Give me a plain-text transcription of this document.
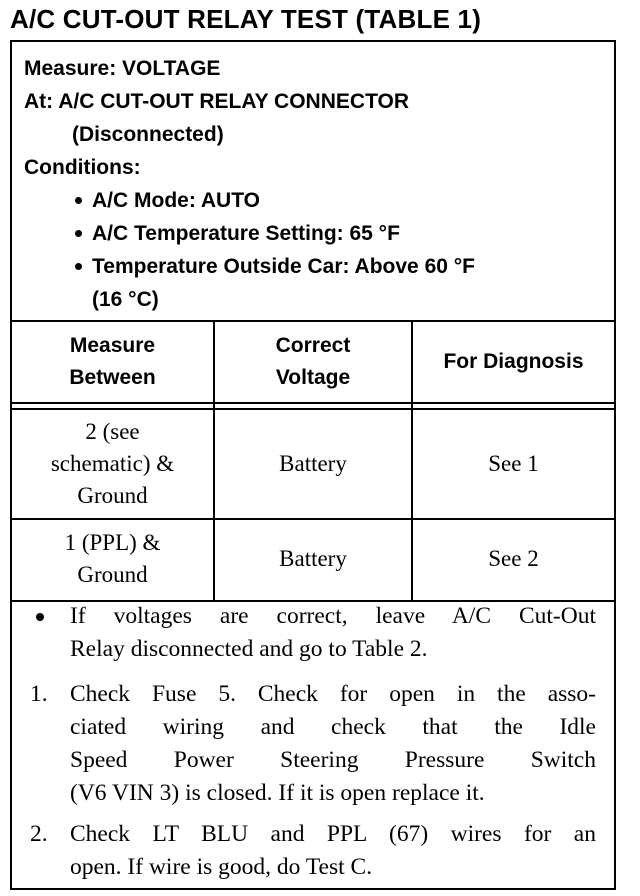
A/C CUT-OUT RELAY TEST (TABLE 1)
Measure: VOLTAGE
At: A/C CUT-OUT RELAY CONNECTOR
(Disconnected)
Conditions:
A/C Mode: AUTO
A/C Temperature Setting: 65 °F
Temperature Outside Car: Above 60 °F
(16 °C)
Measure
Between
Correct
Voltage
For Diagnosis
2 (see
schematic) &
Ground
Battery	See 1
1 (PPL) &
Ground
Battery	See 2
If voltages are correct, leave A/C Cut-Out
Relay disconnected and go to Table 2.
1. Check Fuse 5. Check for open in the asso-
ciated wiring and check that the Idle
Speed Power Steering Pressure Switch
(V6 VIN 3) is closed. If it is open replace it.
2. Check LT BLU and PPL (67) wires for an
open. If wire is good, do Test C.
